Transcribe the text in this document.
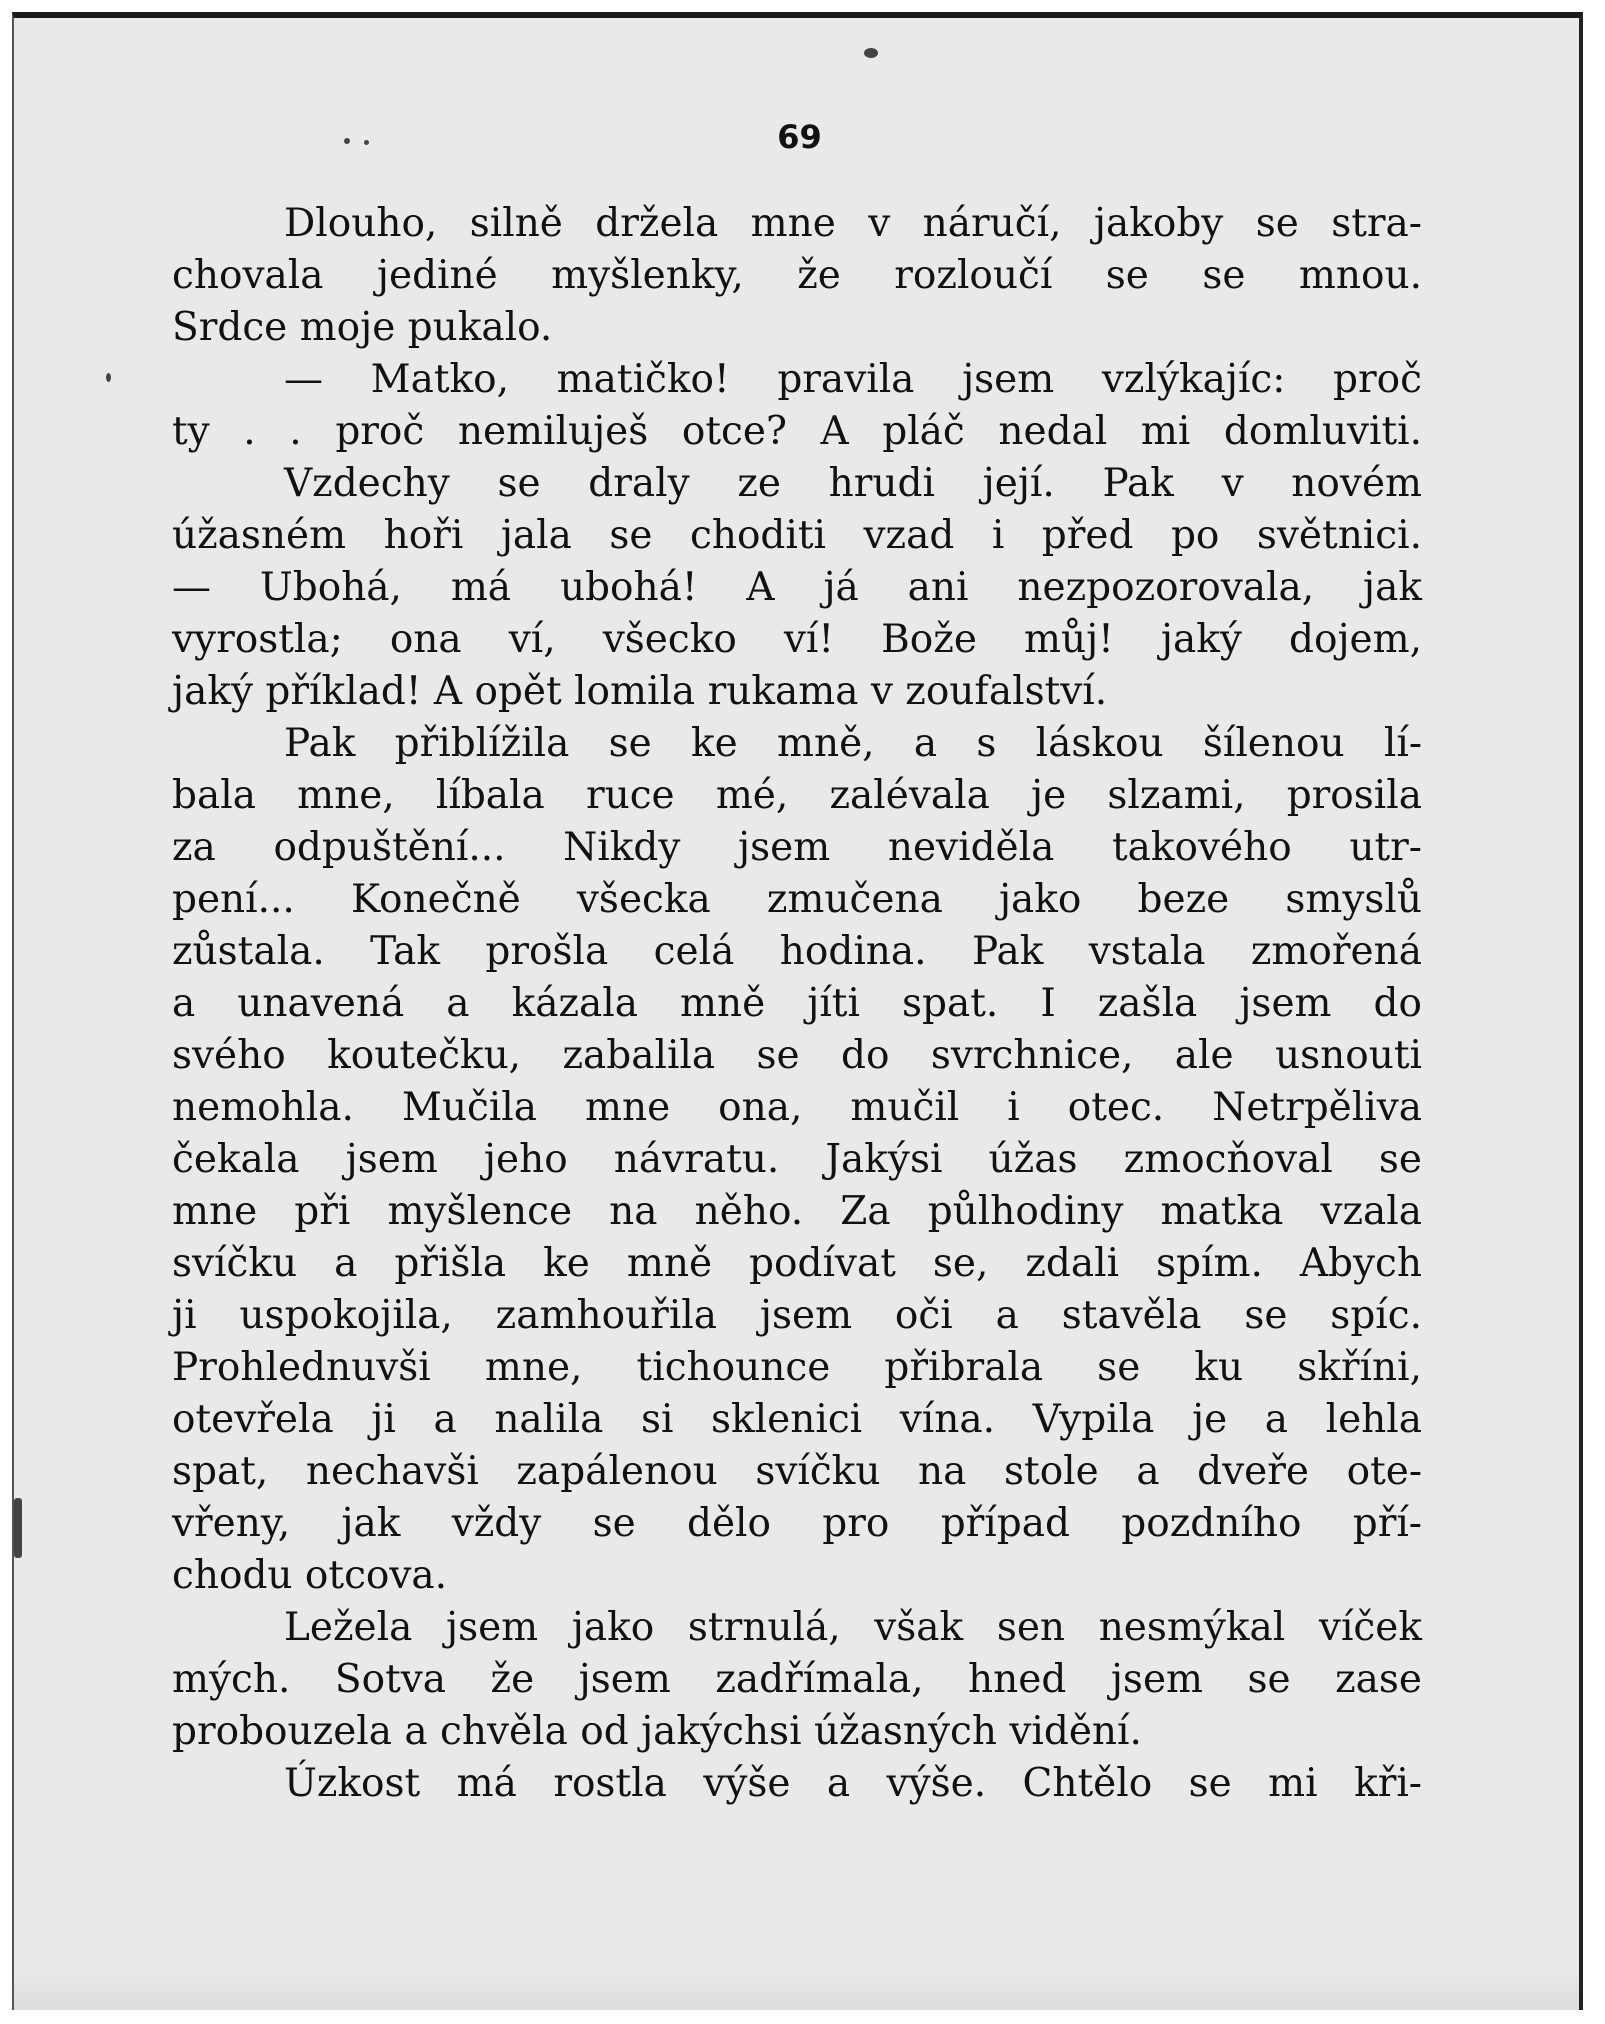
69
Dlouho, silně držela mne v náručí, jakoby se stra-
chovala jediné myšlenky, že rozloučí se se mnou.
Srdce moje pukalo.
— Matko, matičko! pravila jsem vzlýkajíc: proč
ty . . proč nemiluješ otce? A pláč nedal mi domluviti.
Vzdechy se draly ze hrudi její. Pak v novém
úžasném hoři jala se choditi vzad i před po světnici.
— Ubohá, má ubohá! A já ani nezpozorovala, jak
vyrostla; ona ví, všecko ví! Bože můj! jaký dojem,
jaký příklad! A opět lomila rukama v zoufalství.
Pak přiblížila se ke mně, a s láskou šílenou lí-
bala mne, líbala ruce mé, zalévala je slzami, prosila
za odpuštění... Nikdy jsem neviděla takového utr-
pení... Konečně všecka zmučena jako beze smyslů
zůstala. Tak prošla celá hodina. Pak vstala zmořená
a unavená a kázala mně jíti spat. I zašla jsem do
svého koutečku, zabalila se do svrchnice, ale usnouti
nemohla. Mučila mne ona, mučil i otec. Netrpěliva
čekala jsem jeho návratu. Jakýsi úžas zmocňoval se
mne při myšlence na něho. Za půlhodiny matka vzala
svíčku a přišla ke mně podívat se, zdali spím. Abych
ji uspokojila, zamhouřila jsem oči a stavěla se spíc.
Prohlednuvši mne, tichounce přibrala se ku skříni,
otevřela ji a nalila si sklenici vína. Vypila je a lehla
spat, nechavši zapálenou svíčku na stole a dveře ote-
vřeny, jak vždy se dělo pro případ pozdního pří-
chodu otcova.
Ležela jsem jako strnulá, však sen nesmýkal víček
mých. Sotva že jsem zadřímala, hned jsem se zase
probouzela a chvěla od jakýchsi úžasných vidění.
Úzkost má rostla výše a výše. Chtělo se mi kři-
